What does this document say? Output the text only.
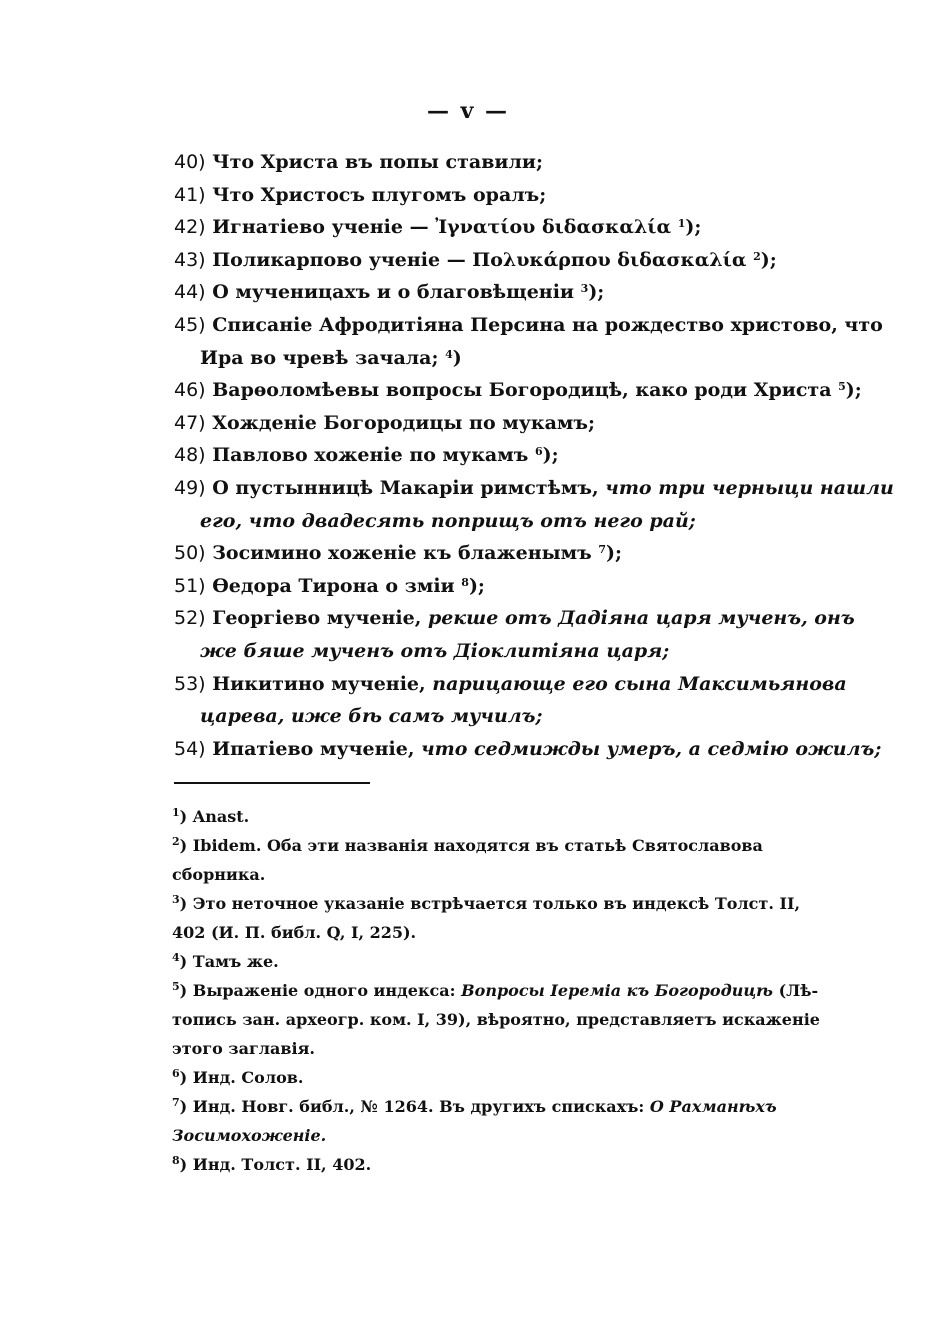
— v —
40) Что Христа въ попы ставили;
41) Что Христосъ плугомъ оралъ;
42) Игнатіево ученіе — Ἰγνατίου διδασκαλία $^1$);
43) Поликарпово ученіе — Πολυκάρπου διδασκαλία $^2$);
44) О мученицахъ и о благовѣщеніи $^3$);
45) Списаніе Афродитіяна Персина на рождество христово, что
Ира во чревѣ зачала; $^4$)
46) Варѳоломѣевы вопросы Богородицѣ, како роди Христа $^5$);
47) Хожденіе Богородицы по мукамъ;
48) Павлово хоженіе по мукамъ $^6$);
49) О пустынницѣ Макаріи римстѣмъ, что три черныци нашли
его, что двадесять поприщъ отъ него рай;
50) Зосимино хоженіе къ блаженымъ $^7$);
51) Ѳедора Тирона о зміи $^8$);
52) Георгіево мученіе, рекше отъ Дадіяна царя мученъ, онъ
же бяше мученъ отъ Діоклитіяна царя;
53) Никитино мученіе, парицающе его сына Максимьянова
царева, иже бѣ самъ мучилъ;
54) Ипатіево мученіе, что седмижды умеръ, а седмію ожилъ;
$^1$) Anast.
$^2$) Ibidem. Оба эти названія находятся въ статьѣ Святославова
сборника.
$^3$) Это неточное указаніе встрѣчается только въ индексѣ Толст. II,
402 (И. П. библ. Q, I, 225).
$^4$) Тамъ же.
$^5$) Выраженіе одного индекса: Вопросы Іереміа къ Богородицѣ (Лѣ-
топись зан. археогр. ком. I, 39), вѣроятно, представляетъ искаженіе
этого заглавія.
$^6$) Инд. Солов.
$^7$) Инд. Новг. библ., № 1264. Въ другихъ спискахъ: О Рахманѣхъ
Зосимохоженіе.
$^8$) Инд. Толст. II, 402.
